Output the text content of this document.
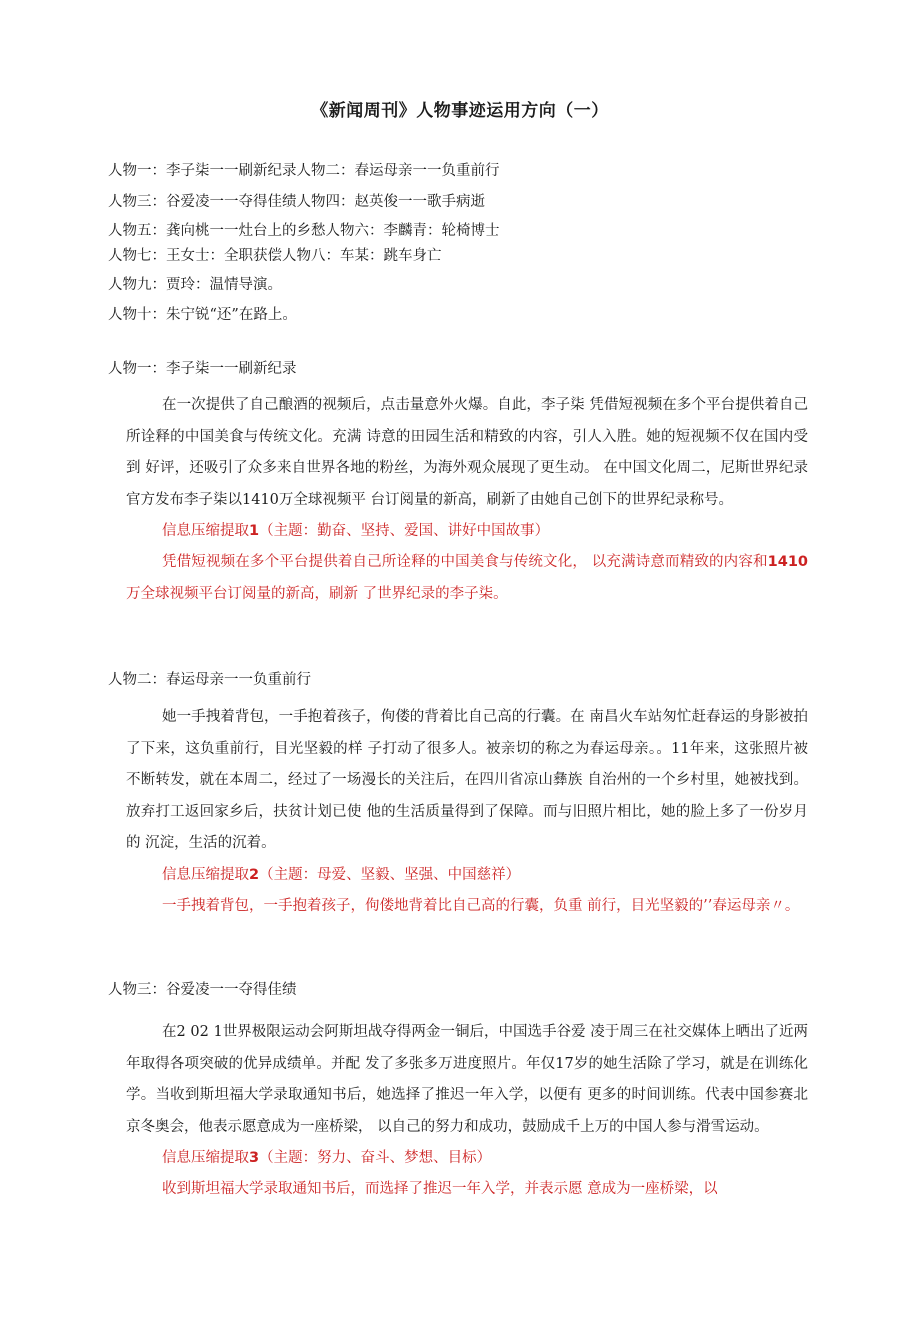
《新闻周刊》人物事迹运用方向（一）
人物一：李子柒一一刷新纪录人物二：春运母亲一一负重前行
人物三：谷爱凌一一夺得佳绩人物四：赵英俊一一歌手病逝
人物五：龚向桃一一灶台上的乡愁人物六：李麟青：轮椅博士
人物七：王女士：全职获偿人物八：车某：跳车身亡
人物九：贾玲：温情导演。
人物十：朱宁锐“还”在路上。
人物一：李子柒一一刷新纪录
在一次提供了自己酿酒的视频后，点击量意外火爆。自此，李子柒 凭借短视频在多个平台提供着自己所诠释的中国美食与传统文化。充满 诗意的田园生活和精致的内容，引人入胜。她的短视频不仅在国内受到 好评，还吸引了众多来自世界各地的粉丝，为海外观众展现了更生动。 在中国文化周二，尼斯世界纪录官方发布李子柒以1410万全球视频平 台订阅量的新高，刷新了由她自己创下的世界纪录称号。
信息压缩提取1（主题：勤奋、坚持、爱国、讲好中国故事）
凭借短视频在多个平台提供着自己所诠释的中国美食与传统文化， 以充满诗意而精致的内容和1410万全球视频平台订阅量的新高，刷新 了世界纪录的李子柒。
人物二：春运母亲一一负重前行
她一手拽着背包，一手抱着孩子，佝偻的背着比自己高的行囊。在 南昌火车站匆忙赶春运的身影被拍了下来，这负重前行，目光坚毅的样 子打动了很多人。被亲切的称之为春运母亲。。11年来，这张照片被 不断转发，就在本周二，经过了一场漫长的关注后，在四川省凉山彝族 自治州的一个乡村里，她被找到。放弃打工返回家乡后，扶贫计划已使 他的生活质量得到了保障。而与旧照片相比，她的脸上多了一份岁月的 沉淀，生活的沉着。
信息压缩提取2（主题：母爱、坚毅、坚强、中国慈祥）
一手拽着背包，一手抱着孩子，佝偻地背着比自己高的行囊，负重 前行，目光坚毅的’’春运母亲〃。
人物三：谷爱凌一一夺得佳绩
在2 02 1世界极限运动会阿斯坦战夺得两金一铜后，中国选手谷爱 凌于周三在社交媒体上晒出了近两年取得各项突破的优异成绩单。并配 发了多张多万进度照片。年仅17岁的她生活除了学习，就是在训练化 学。当收到斯坦福大学录取通知书后，她选择了推迟一年入学，以便有 更多的时间训练。代表中国参赛北京冬奥会，他表示愿意成为一座桥梁， 以自己的努力和成功，鼓励成千上万的中国人参与滑雪运动。
信息压缩提取3（主题：努力、奋斗、梦想、目标）
收到斯坦福大学录取通知书后，而选择了推迟一年入学，并表示愿 意成为一座桥梁，以
